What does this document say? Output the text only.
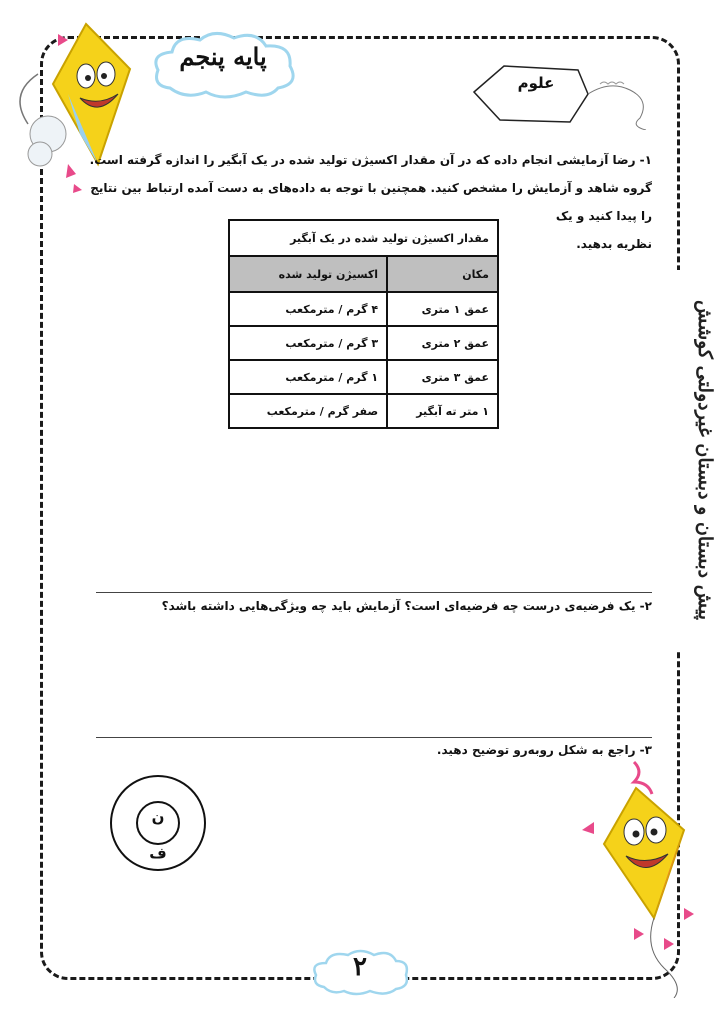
پایه پنجم
علوم
پیش دبستان و دبستان غیردولتی کوشش
۱- رضا آزمایشی انجام داده که در آن مقدار اکسیژن تولید شده در یک آبگیر را اندازه گرفته است.
گروه شاهد و آزمایش را مشخص کنید. همچنین با توجه به داده‌های به دست آمده ارتباط بین نتایج را پیدا کنید و یک
نظریه بدهید.
مقدار اکسیژن تولید شده در یک آبگیر	
مکان	اکسیژن تولید شده
عمق ۱ متری	۴ گرم / مترمکعب
عمق ۲ متری	۳ گرم / مترمکعب
عمق ۳ متری	۱ گرم / مترمکعب
۱ متر ته آبگیر	صفر گرم / مترمکعب
۲- یک فرضیه‌ی درست چه فرضیه‌ای است؟ آزمایش باید چه ویژگی‌هایی داشته باشد؟
۳- راجع به شکل روبه‌رو توضیح دهید.
ن
ف
۲
